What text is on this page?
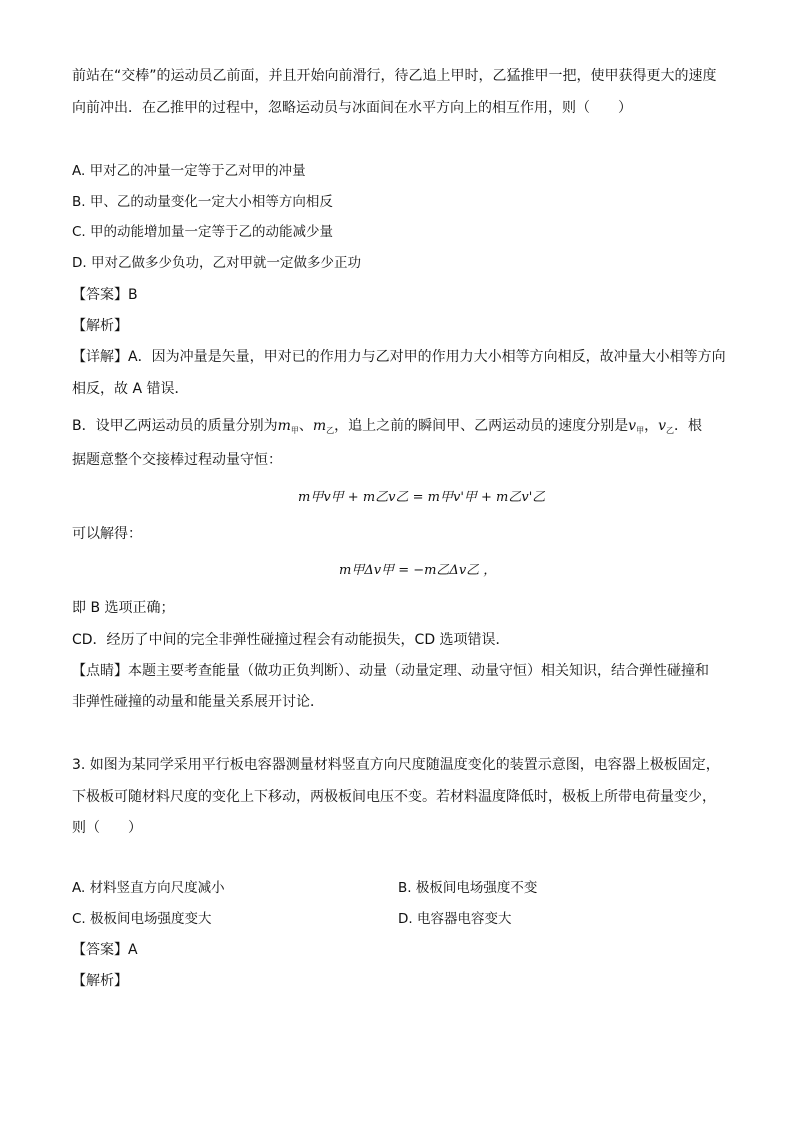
前站在“交棒”的运动员乙前面，并且开始向前滑行，待乙追上甲时，乙猛推甲一把，使甲获得更大的速度
向前冲出．在乙推甲的过程中，忽略运动员与冰面间在水平方向上的相互作用，则（　　）
A. 甲对乙的冲量一定等于乙对甲的冲量
B. 甲、乙的动量变化一定大小相等方向相反
C. 甲的动能增加量一定等于乙的动能减少量
D. 甲对乙做多少负功，乙对甲就一定做多少正功
【答案】B
【解析】
【详解】A．因为冲量是矢量，甲对已的作用力与乙对甲的作用力大小相等方向相反，故冲量大小相等方向
相反，故 A 错误．
B．设甲乙两运动员的质量分别为$m_甲$、$m_乙$，追上之前的瞬间甲、乙两运动员的速度分别是$v_甲$，$v_乙$．根
据题意整个交接棒过程动量守恒：
m甲v甲 + m乙v乙 = m甲v'甲 + m乙v'乙
可以解得：
m甲Δv甲 = −m乙Δv乙 ，
即 B 选项正确；
CD．经历了中间的完全非弹性碰撞过程会有动能损失，CD 选项错误．
【点睛】本题主要考查能量（做功正负判断）、动量（动量定理、动量守恒）相关知识，结合弹性碰撞和
非弹性碰撞的动量和能量关系展开讨论．
3. 如图为某同学采用平行板电容器测量材料竖直方向尺度随温度变化的装置示意图，电容器上极板固定，
下极板可随材料尺度的变化上下移动，两极板间电压不变。若材料温度降低时，极板上所带电荷量变少，
则（　　）
A. 材料竖直方向尺度减小	B. 极板间电场强度不变
C. 极板间电场强度变大	D. 电容器电容变大
【答案】A
【解析】
